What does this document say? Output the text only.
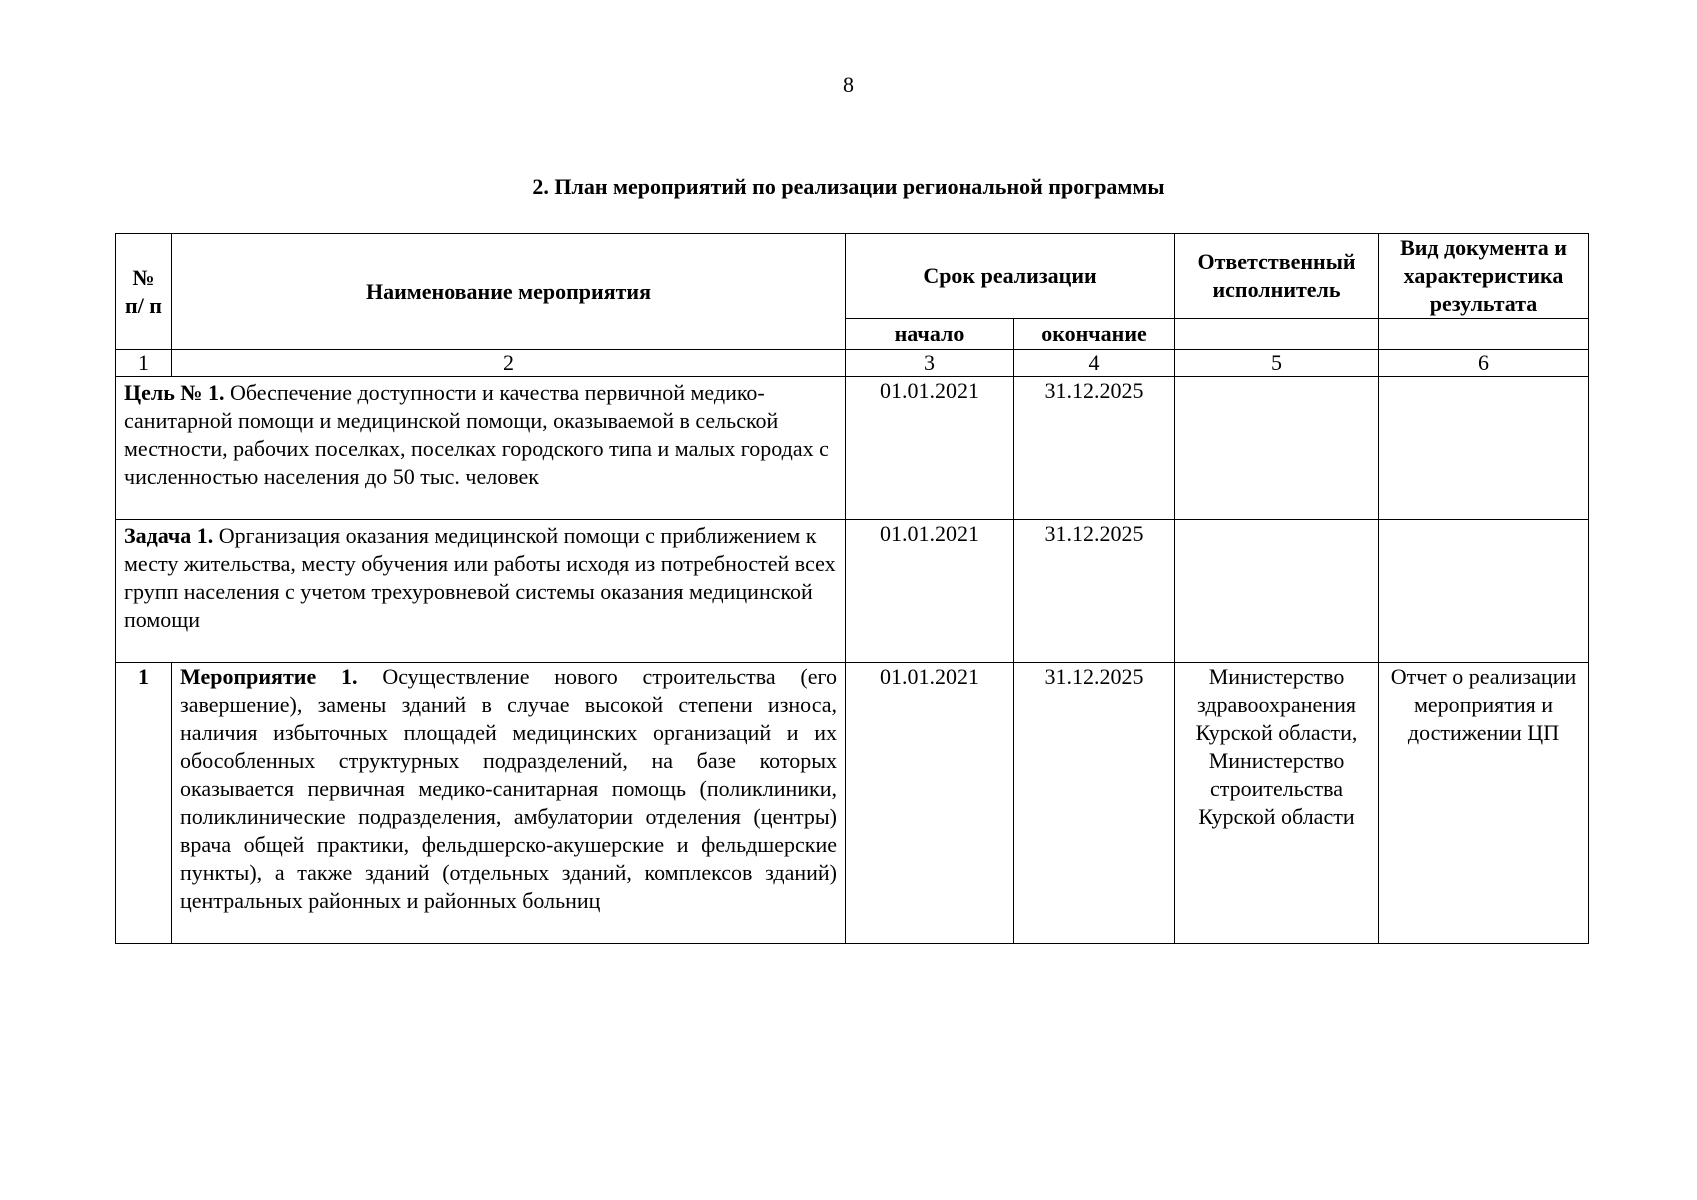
8
2. План мероприятий по реализации региональной программы
№ п/ п	Наименование мероприятия	Срок реализации		Ответственный исполнитель	Вид документа и характеристика результата
		начало	окончание		
1	2	3	4	5	6
Цель № 1. Обеспечение доступности и качества первичной медико-санитарной помощи и медицинской помощи, оказываемой в сельской местности, рабочих поселках, поселках городского типа и малых городах с численностью населения до 50 тыс. человек		01.01.2021	31.12.2025		
Задача 1. Организация оказания медицинской помощи с приближением к месту жительства, месту обучения или работы исходя из потребностей всех групп населения с учетом трехуровневой системы оказания медицинской помощи		01.01.2021	31.12.2025		
1	Мероприятие 1. Осуществление нового строительства (его завершение), замены зданий в случае высокой степени износа, наличия избыточных площадей медицинских организаций и их обособленных структурных подразделений, на базе которых оказывается первичная медико-санитарная помощь (поликлиники, поликлинические подразделения, амбулатории отделения (центры) врача общей практики, фельдшерско-акушерские и фельдшерские пункты), а также зданий (отдельных зданий, комплексов зданий) центральных районных и районных больниц	01.01.2021	31.12.2025	Министерство здравоохранения Курской области, Министерство строительства Курской области	Отчет о реализации мероприятия и достижении ЦП
